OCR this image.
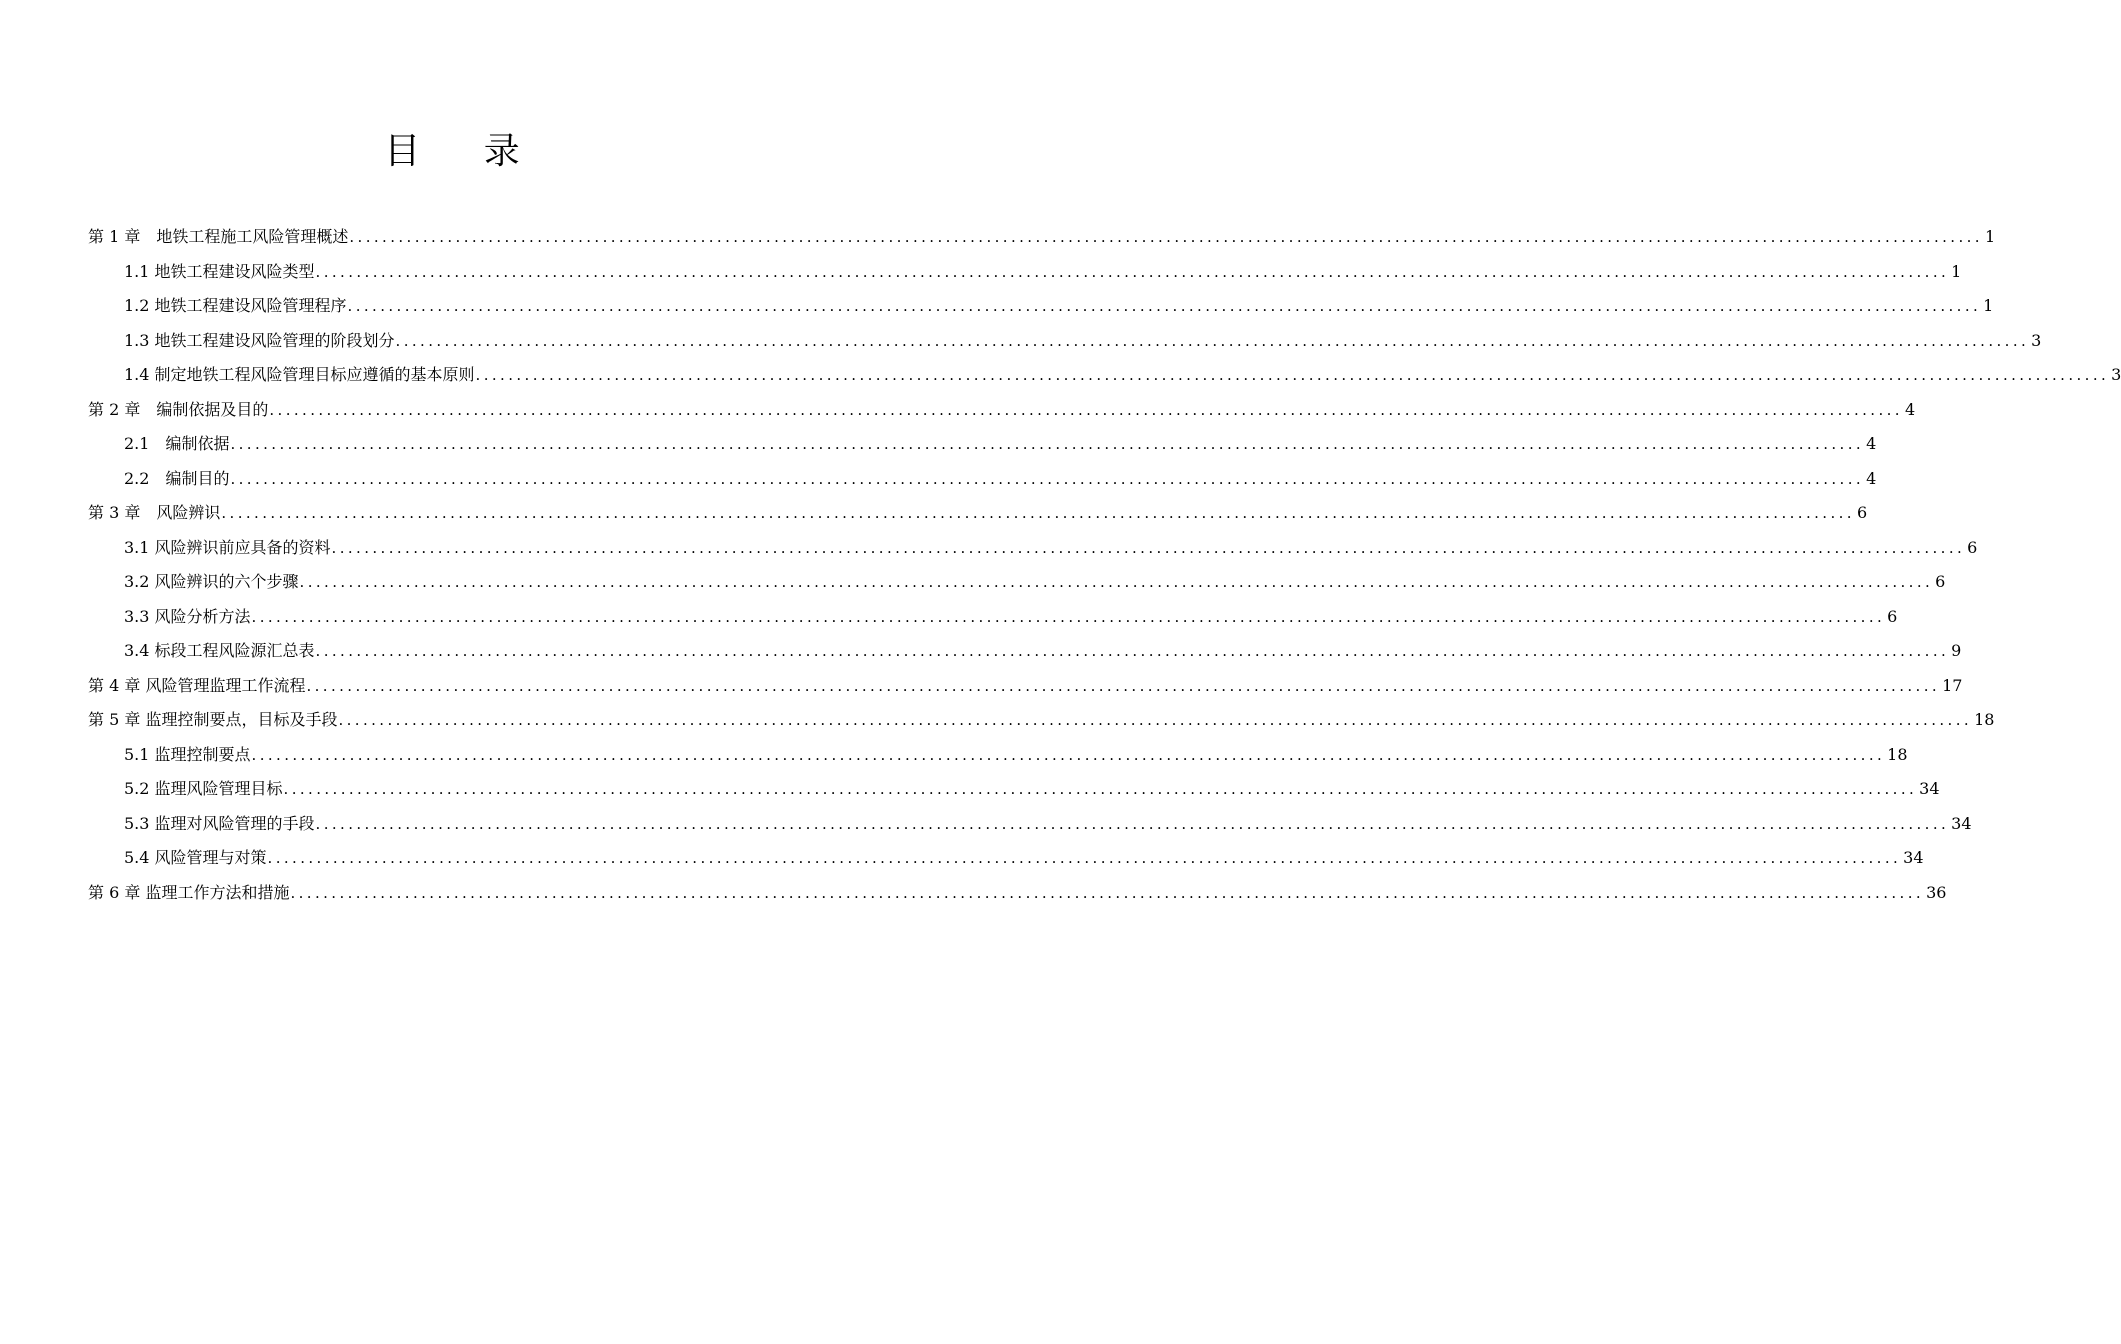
目 录
第 1 章　地铁工程施工风险管理概述 ........................................................................................................................................................................................................ 1
1.1 地铁工程建设风险类型 ........................................................................................................................................................................................................ 1
1.2 地铁工程建设风险管理程序 ........................................................................................................................................................................................................ 1
1.3 地铁工程建设风险管理的阶段划分 ........................................................................................................................................................................................................ 3
1.4 制定地铁工程风险管理目标应遵循的基本原则 ........................................................................................................................................................................................................ 3
第 2 章　编制依据及目的 ........................................................................................................................................................................................................ 4
2.1　编制依据 ........................................................................................................................................................................................................ 4
2.2　编制目的 ........................................................................................................................................................................................................ 4
第 3 章　风险辨识 ........................................................................................................................................................................................................ 6
3.1 风险辨识前应具备的资料 ........................................................................................................................................................................................................ 6
3.2 风险辨识的六个步骤 ........................................................................................................................................................................................................ 6
3.3 风险分析方法 ........................................................................................................................................................................................................ 6
3.4 标段工程风险源汇总表 ........................................................................................................................................................................................................ 9
第 4 章 风险管理监理工作流程 ........................................................................................................................................................................................................ 17
第 5 章 监理控制要点，目标及手段 ........................................................................................................................................................................................................ 18
5.1 监理控制要点 ........................................................................................................................................................................................................ 18
5.2 监理风险管理目标 ........................................................................................................................................................................................................ 34
5.3 监理对风险管理的手段 ........................................................................................................................................................................................................ 34
5.4 风险管理与对策 ........................................................................................................................................................................................................ 34
第 6 章 监理工作方法和措施 ........................................................................................................................................................................................................ 36
